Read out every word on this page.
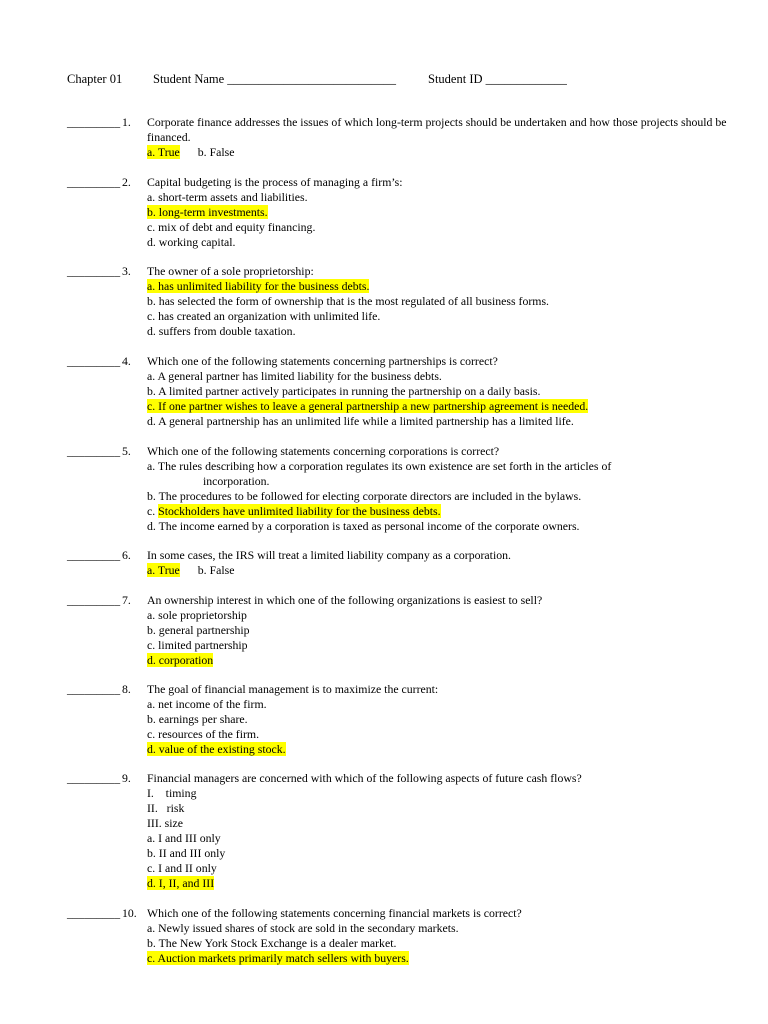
Chapter 01 Student Name ___________________________	Student ID _____________
_________ 1.	Corporate finance addresses the issues of which long-term projects should be undertaken and how those projects should be financed.

a. True b. False

_________ 2.	Capital budgeting is the process of managing a firm’s:

a. short-term assets and liabilities.

b. long-term investments.

c. mix of debt and equity financing.

d. working capital.

_________ 3.	The owner of a sole proprietorship:

a. has unlimited liability for the business debts.

b. has selected the form of ownership that is the most regulated of all business forms.

c. has created an organization with unlimited life.

d. suffers from double taxation.

_________ 4.	Which one of the following statements concerning partnerships is correct?

a. A general partner has limited liability for the business debts.

b. A limited partner actively participates in running the partnership on a daily basis.

c. If one partner wishes to leave a general partnership a new partnership agreement is needed.

d. A general partnership has an unlimited life while a limited partnership has a limited life.

_________ 5.	Which one of the following statements concerning corporations is correct?

a. The rules describing how a corporation regulates its own existence are set forth in the articles of

incorporation.

b. The procedures to be followed for electing corporate directors are included in the bylaws.

c. Stockholders have unlimited liability for the business debts.

d. The income earned by a corporation is taxed as personal income of the corporate owners.

_________ 6.	In some cases, the IRS will treat a limited liability company as a corporation.

a. True b. False

_________ 7.	An ownership interest in which one of the following organizations is easiest to sell?

a. sole proprietorship

b. general partnership

c. limited partnership

d. corporation

_________ 8.	The goal of financial management is to maximize the current:

a. net income of the firm.

b. earnings per share.

c. resources of the firm.

d. value of the existing stock.

_________ 9.	Financial managers are concerned with which of the following aspects of future cash flows?

I.    timing

II.   risk

III. size

a. I and III only

b. II and III only

c. I and II only

d. I, II, and III

_________ 10. Which one of the following statements concerning financial markets is correct?

a. Newly issued shares of stock are sold in the secondary markets.

b. The New York Stock Exchange is a dealer market.

c. Auction markets primarily match sellers with buyers.
